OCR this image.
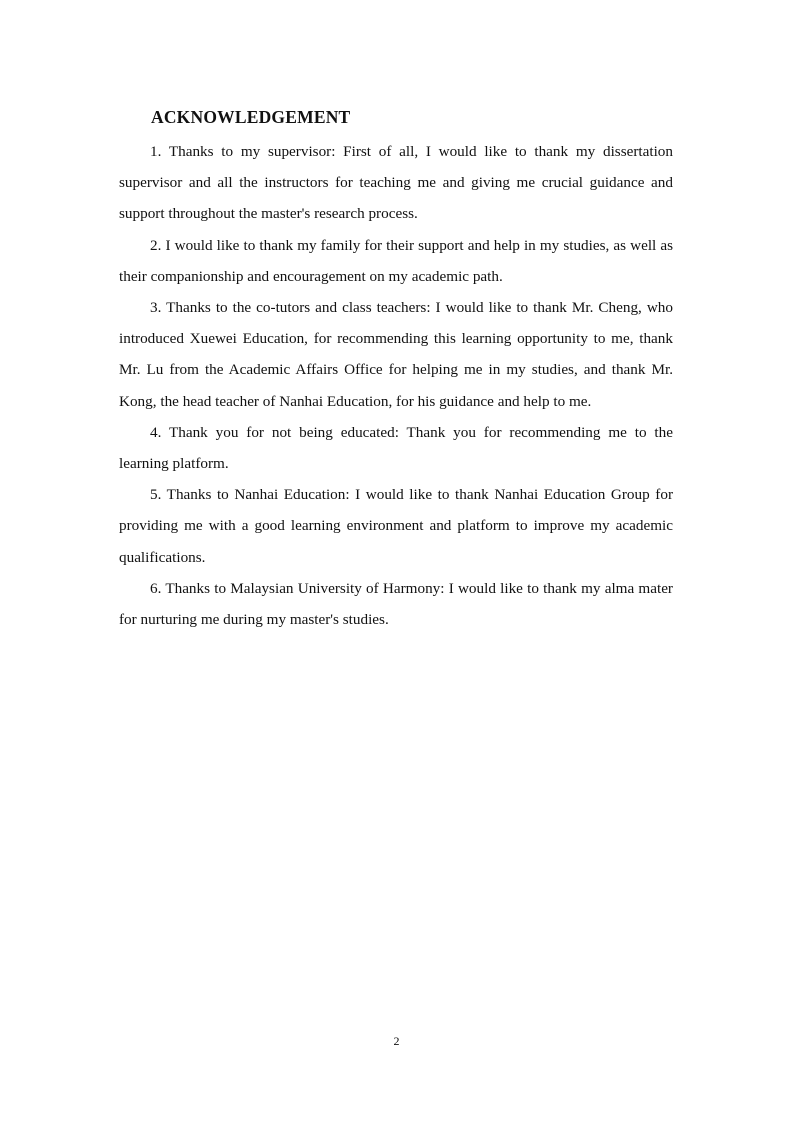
ACKNOWLEDGEMENT

1. Thanks to my supervisor: First of all, I would like to thank my dissertation supervisor and all the instructors for teaching me and giving me crucial guidance and support throughout the master's research process.

2. I would like to thank my family for their support and help in my studies, as well as their companionship and encouragement on my academic path.

3. Thanks to the co-tutors and class teachers: I would like to thank Mr. Cheng, who introduced Xuewei Education, for recommending this learning opportunity to me, thank Mr. Lu from the Academic Affairs Office for helping me in my studies, and thank Mr. Kong, the head teacher of Nanhai Education, for his guidance and help to me.

4. Thank you for not being educated: Thank you for recommending me to the learning platform.

5. Thanks to Nanhai Education: I would like to thank Nanhai Education Group for providing me with a good learning environment and platform to improve my academic qualifications.

6. Thanks to Malaysian University of Harmony: I would like to thank my alma mater for nurturing me during my master's studies.

2
